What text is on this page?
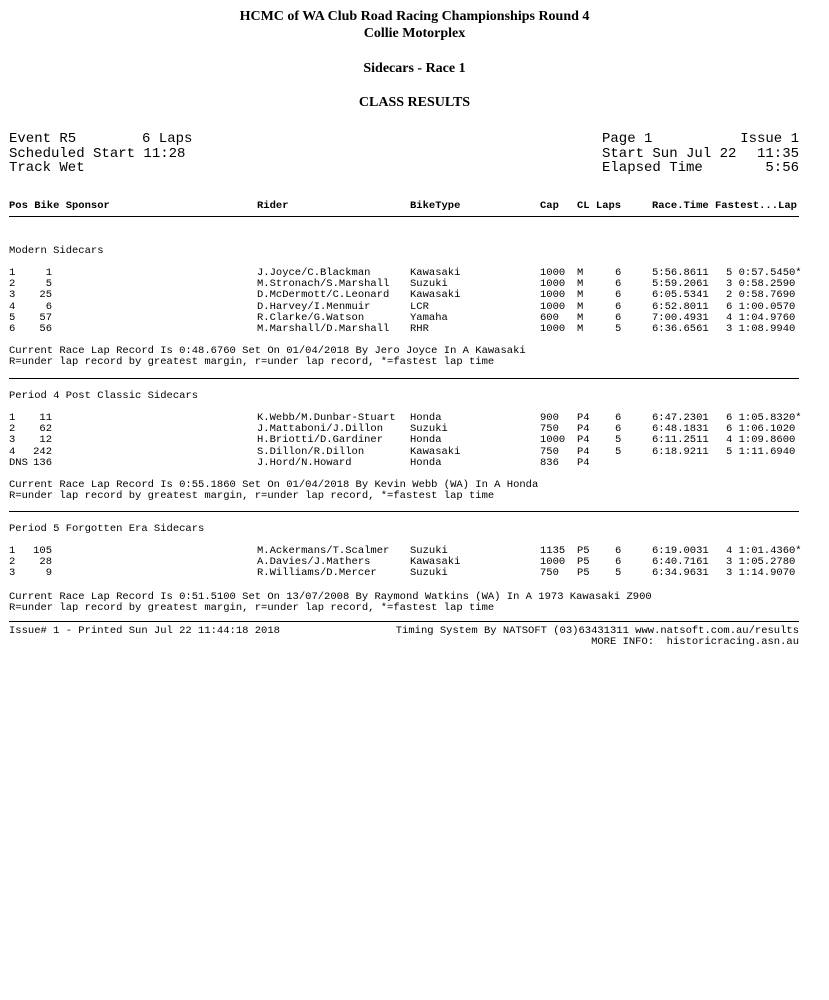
HCMC of WA Club Road Racing Championships Round 4
Collie Motorplex
Sidecars - Race 1
CLASS RESULTS
Event R5	6 Laps
Scheduled Start 11:28
Track Wet
Page 1	Issue 1
Start Sun Jul 22 11:35
Elapsed Time	5:56
Pos Bike Sponsor	Rider	BikeType	Cap CL Laps	Race.Time Fastest...Lap
Modern Sidecars
1	1	J.Joyce/C.Blackman	Kawasaki	1000 M	6	5:56.8611 5 0:57.5450*
2	5	M.Stronach/S.Marshall Suzuki	1000 M	6	5:59.2061 3 0:58.2590
3	25	D.McDermott/C.Leonard Kawasaki	1000 M	6	6:05.5341 2 0:58.7690
4	6	D.Harvey/I.Menmuir	LCR	1000 M	6	6:52.8011 6 1:00.0570
5	57	R.Clarke/G.Watson	Yamaha	600 M	6	7:00.4931 4 1:04.9760
6	56	M.Marshall/D.Marshall RHR	1000 M	5	6:36.6561 3 1:08.9940
Current Race Lap Record Is 0:48.6760 Set On 01/04/2018 By Jero Joyce In A Kawasaki
R=under lap record by greatest margin, r=under lap record, *=fastest lap time
Period 4 Post Classic Sidecars
1	11	K.Webb/M.Dunbar-Stuart Honda	900 P4 6	6:47.2301 6 1:05.8320*
2	62	J.Mattaboni/J.Dillon	Suzuki	750 P4 6	6:48.1831 6 1:06.1020
3	12	H.Briotti/D.Gardiner	Honda	1000 P4 5	6:11.2511 4 1:09.8600
4	242	S.Dillon/R.Dillon	Kawasaki	750 P4 5	6:18.9211 5 1:11.6940
DNS 136	J.Hord/N.Howard	Honda	836 P4
Current Race Lap Record Is 0:55.1860 Set On 01/04/2018 By Kevin Webb (WA) In A Honda
R=under lap record by greatest margin, r=under lap record, *=fastest lap time
Period 5 Forgotten Era Sidecars
1	105	M.Ackermans/T.Scalmer Suzuki	1135 P5 6	6:19.0031 4 1:01.4360*
2	28	A.Davies/J.Mathers	Kawasaki	1000 P5 6	6:40.7161 3 1:05.2780
3	9	R.Williams/D.Mercer	Suzuki	750 P5 5	6:34.9631 3 1:14.9070
Current Race Lap Record Is 0:51.5100 Set On 13/07/2008 By Raymond Watkins (WA) In A 1973 Kawasaki Z900
R=under lap record by greatest margin, r=under lap record, *=fastest lap time
Issue# 1 - Printed Sun Jul 22 11:44:18 2018	Timing System By NATSOFT (03)63431311 www.natsoft.com.au/results
MORE INFO:  historicracing.asn.au
